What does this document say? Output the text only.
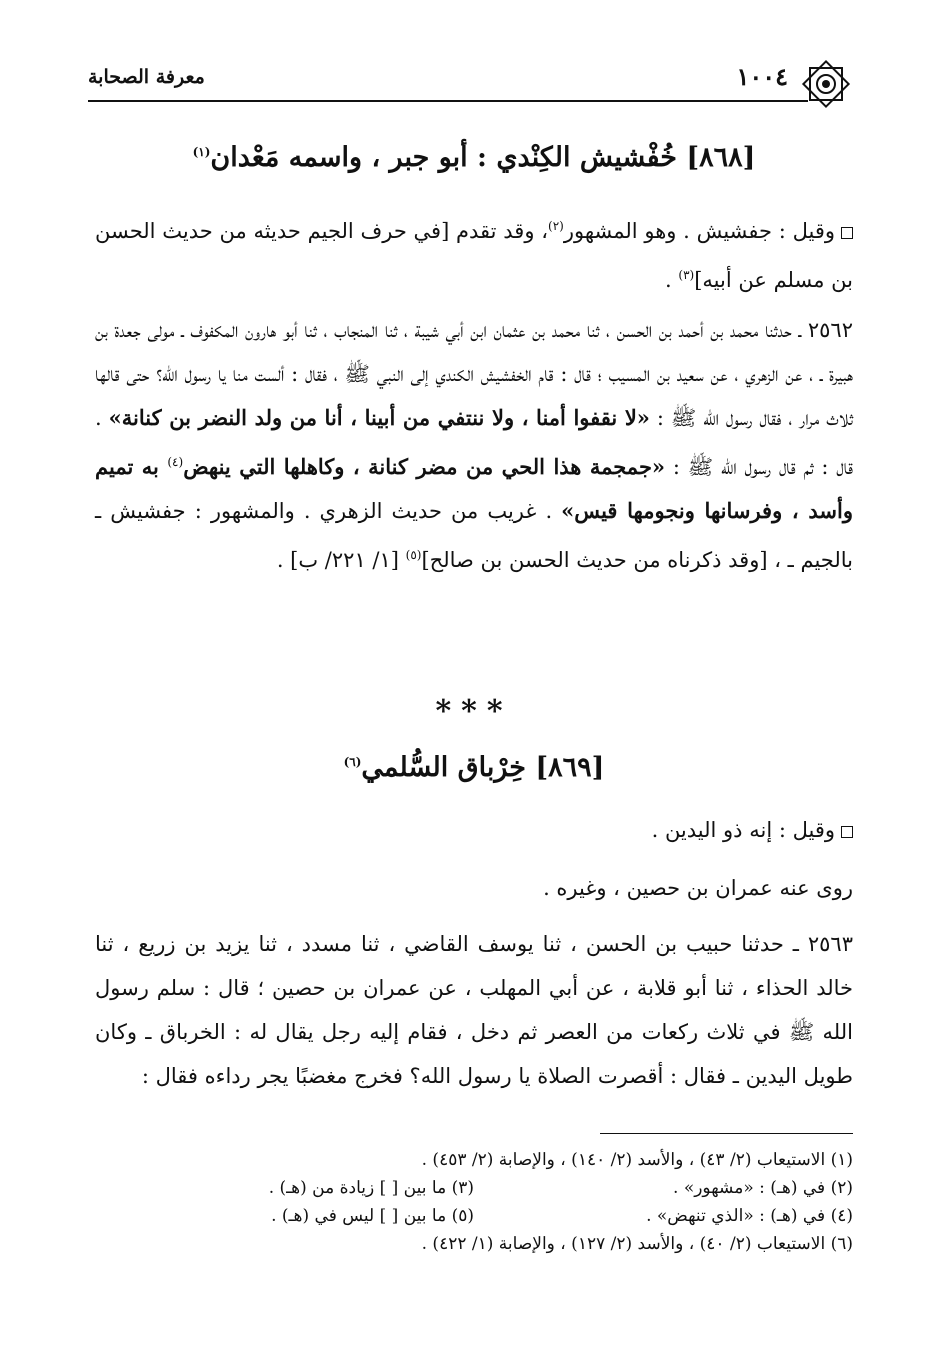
١٠٠٤
معرفة الصحابة
[٨٦٨] خُفْشيش الكِنْدي : أبو جبر ، واسمه مَعْدان$^{(١)}$
وقيل : جفشيش . وهو المشهور$^{(٢)}$، وقد تقدم [في حرف الجيم حديثه من حديث الحسن بن مسلم عن أبيه]$^{(٣)}$ .
٢٥٦٢ ـ حدثنا محمد بن أحمد بن الحسن ، ثنا محمد بن عثمان ابن أبي شيبة ، ثنا المنجاب ، ثنا أبو هارون المكفوف ـ مولى جعدة بن هبيرة ـ ، عن الزهري ، عن سعيد بن المسيب ؛ قال : قام الخفشيش الكندي إلى النبي ﷺ ، فقال : ألست منا يا رسول الله؟ حتى قالها ثلاث مرار ، فقال رسول الله ﷺ : «لا نقفوا أمنا ، ولا ننتفي من أبينا ، أنا من ولد النضر بن كنانة» . قال : ثم قال رسول الله ﷺ : «جمجمة هذا الحي من مضر كنانة ، وكاهلها التي ينهض$^{(٤)}$ به تميم وأسد ، وفرسانها ونجومها قيس» . غريب من حديث الزهري . والمشهور : جفشيش ـ بالجيم ـ ، [وقد ذكرناه من حديث الحسن بن صالح]$^{(٥)}$ [١/ ٢٢١/ ب] .
***
[٨٦٩] خِرْباق السُّلمي$^{(٦)}$
وقيل : إنه ذو اليدين .
روى عنه عمران بن حصين ، وغيره .
٢٥٦٣ ـ حدثنا حبيب بن الحسن ، ثنا يوسف القاضي ، ثنا مسدد ، ثنا يزيد بن زريع ، ثنا خالد الحذاء ، ثنا أبو قلابة ، عن أبي المهلب ، عن عمران بن حصين ؛ قال : سلم رسول الله ﷺ في ثلاث ركعات من العصر ثم دخل ، فقام إليه رجل يقال له : الخرباق ـ وكان طويل اليدين ـ فقال : أقصرت الصلاة يا رسول الله؟ فخرج مغضبًا يجر رداءه فقال :
(١) الاستيعاب (٢/ ٤٣) ، والأسد (٢/ ١٤٠) ، والإصابة (٢/ ٤٥٣) .
(٢) في (هـ) : «مشهور» .
(٣) ما بين [ ] زيادة من (هـ) .
(٤) في (هـ) : «الذي تنهض» .
(٥) ما بين [ ] ليس في (هـ) .
(٦) الاستيعاب (٢/ ٤٠) ، والأسد (٢/ ١٢٧) ، والإصابة (١/ ٤٢٢) .
